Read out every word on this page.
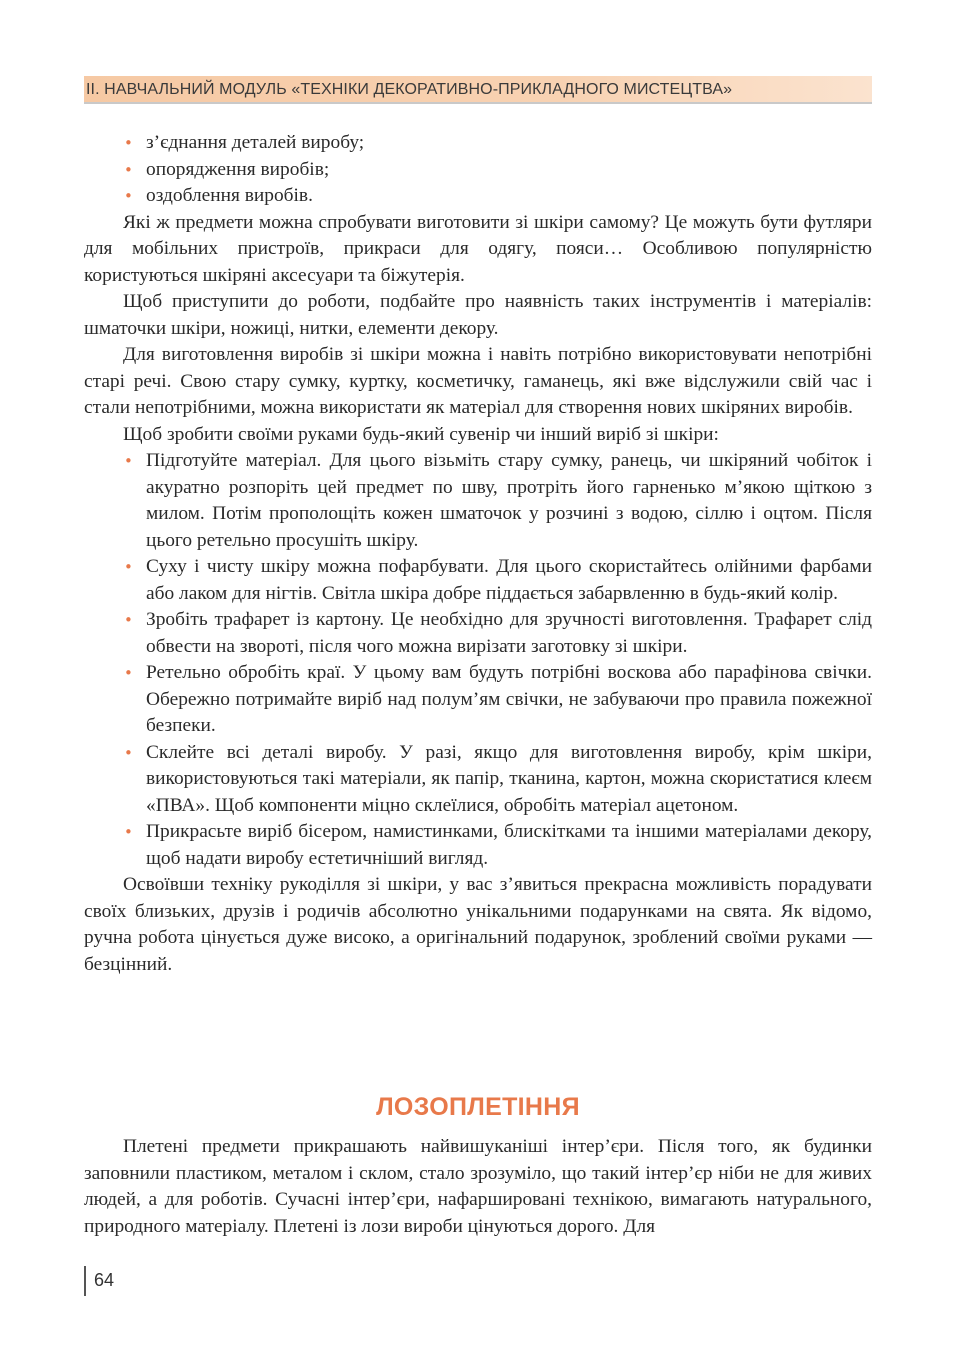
II. НАВЧАЛЬНИЙ МОДУЛЬ «ТЕХНІКИ ДЕКОРАТИВНО-ПРИКЛАДНОГО МИСТЕЦТВА»
• з’єднання деталей виробу;
• опорядження виробів;
• оздоблення виробів.

Які ж предмети можна спробувати виготовити зі шкіри самому? Це можуть бути футляри для мобільних пристроїв, прикраси для одягу, пояси… Особливою популярністю користуються шкіряні аксесуари та біжутерія.

Щоб приступити до роботи, подбайте про наявність таких інструментів і матеріалів: шматочки шкіри, ножиці, нитки, елементи декору.

Для виготовлення виробів зі шкіри можна і навіть потрібно використовувати непотрібні старі речі. Свою стару сумку, куртку, косметичку, гаманець, які вже відслужили свій час і стали непотрібними, можна використати як матеріал для створення нових шкіряних виробів.

Щоб зробити своїми руками будь-який сувенір чи інший виріб зі шкіри:

• Підготуйте матеріал. Для цього візьміть стару сумку, ранець, чи шкіряний чобіток і акуратно розпоріть цей предмет по шву, протріть його гарненько м’якою щіткою з милом. Потім прополощіть кожен шматочок у розчині з водою, сіллю і оцтом. Після цього ретельно просушіть шкіру.
• Суху і чисту шкіру можна пофарбувати. Для цього скористайтесь олійними фарбами або лаком для нігтів. Світла шкіра добре піддається забарвленню в будь-який колір.
• Зробіть трафарет із картону. Це необхідно для зручності виготовлення. Трафарет слід обвести на звороті, після чого можна вирізати заготовку зі шкіри.
• Ретельно обробіть краї. У цьому вам будуть потрібні воскова або парафінова свічки. Обережно потримайте виріб над полум’ям свічки, не забуваючи про правила пожежної безпеки.
• Склейте всі деталі виробу. У разі, якщо для виготовлення виробу, крім шкіри, використовуються такі матеріали, як папір, тканина, картон, можна скористатися клеєм «ПВА». Щоб компоненти міцно склеїлися, обробіть матеріал ацетоном.
• Прикрасьте виріб бісером, намистинками, блискітками та іншими матеріалами декору, щоб надати виробу естетичніший вигляд.

Освоївши техніку рукоділля зі шкіри, у вас з’явиться прекрасна можливість порадувати своїх близьких, друзів і родичів абсолютно унікальними подарунками на свята. Як відомо, ручна робота цінується дуже високо, а оригінальний подарунок, зроблений своїми руками — безцінний.

ЛОЗОПЛЕТІННЯ

Плетені предмети прикрашають найвишуканіші інтер’єри. Після того, як будинки заповнили пластиком, металом і склом, стало зрозуміло, що такий інтер’єр ніби не для живих людей, а для роботів. Сучасні інтер’єри, нафаршировані технікою, вимагають натурального, природного матеріалу. Плетені із лози вироби цінуються дорого. Для

64
